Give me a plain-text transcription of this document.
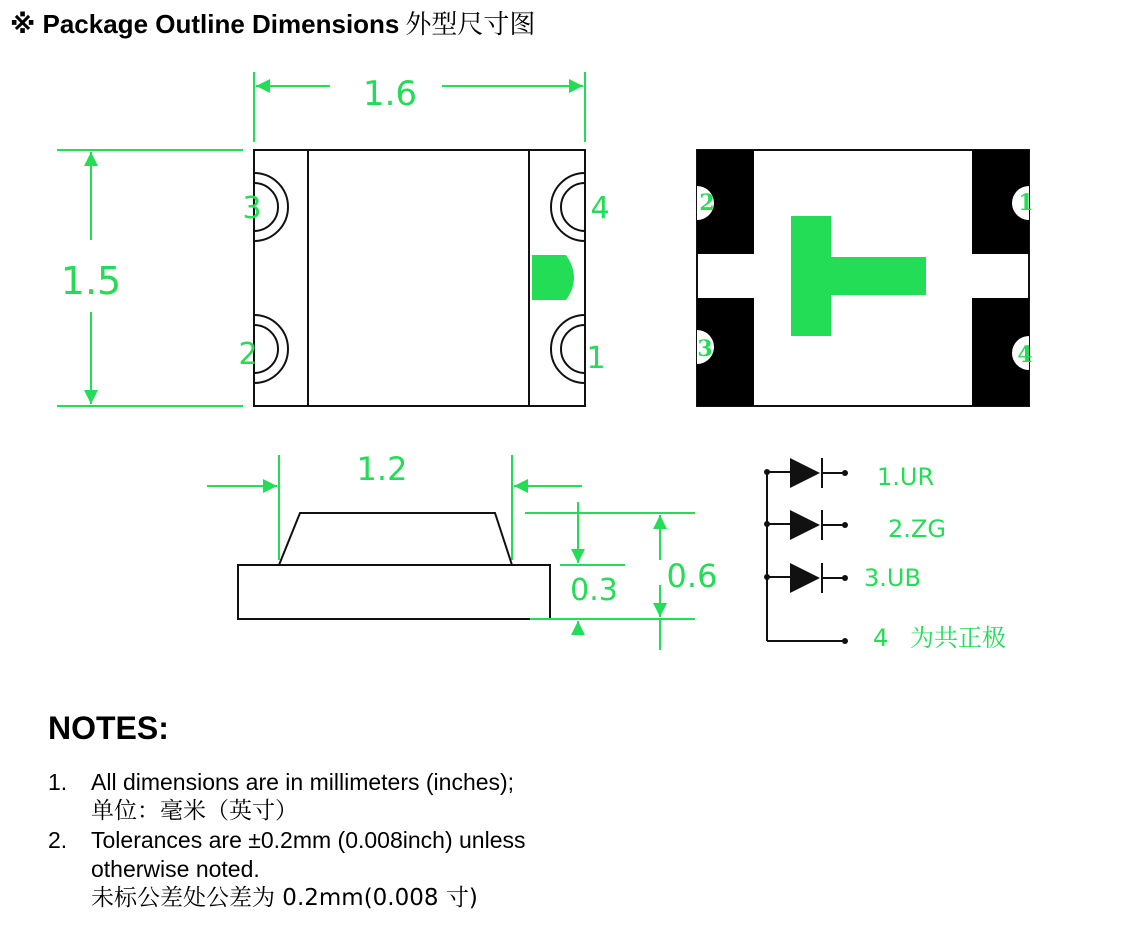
※ Package Outline Dimensions 外型尺寸图
1.6
1.5
3
2
4
1
2
3
1
4
1.2
0.3 0.6
1.UR
2.ZG
3.UB
4 为共正极
NOTES:
1.	All dimensions are in millimeters (inches);
单位：毫米（英寸）
2.	Tolerances are ±0.2mm (0.008inch) unless
otherwise noted.
未标公差处公差为 0.2mm(0.008 寸)
